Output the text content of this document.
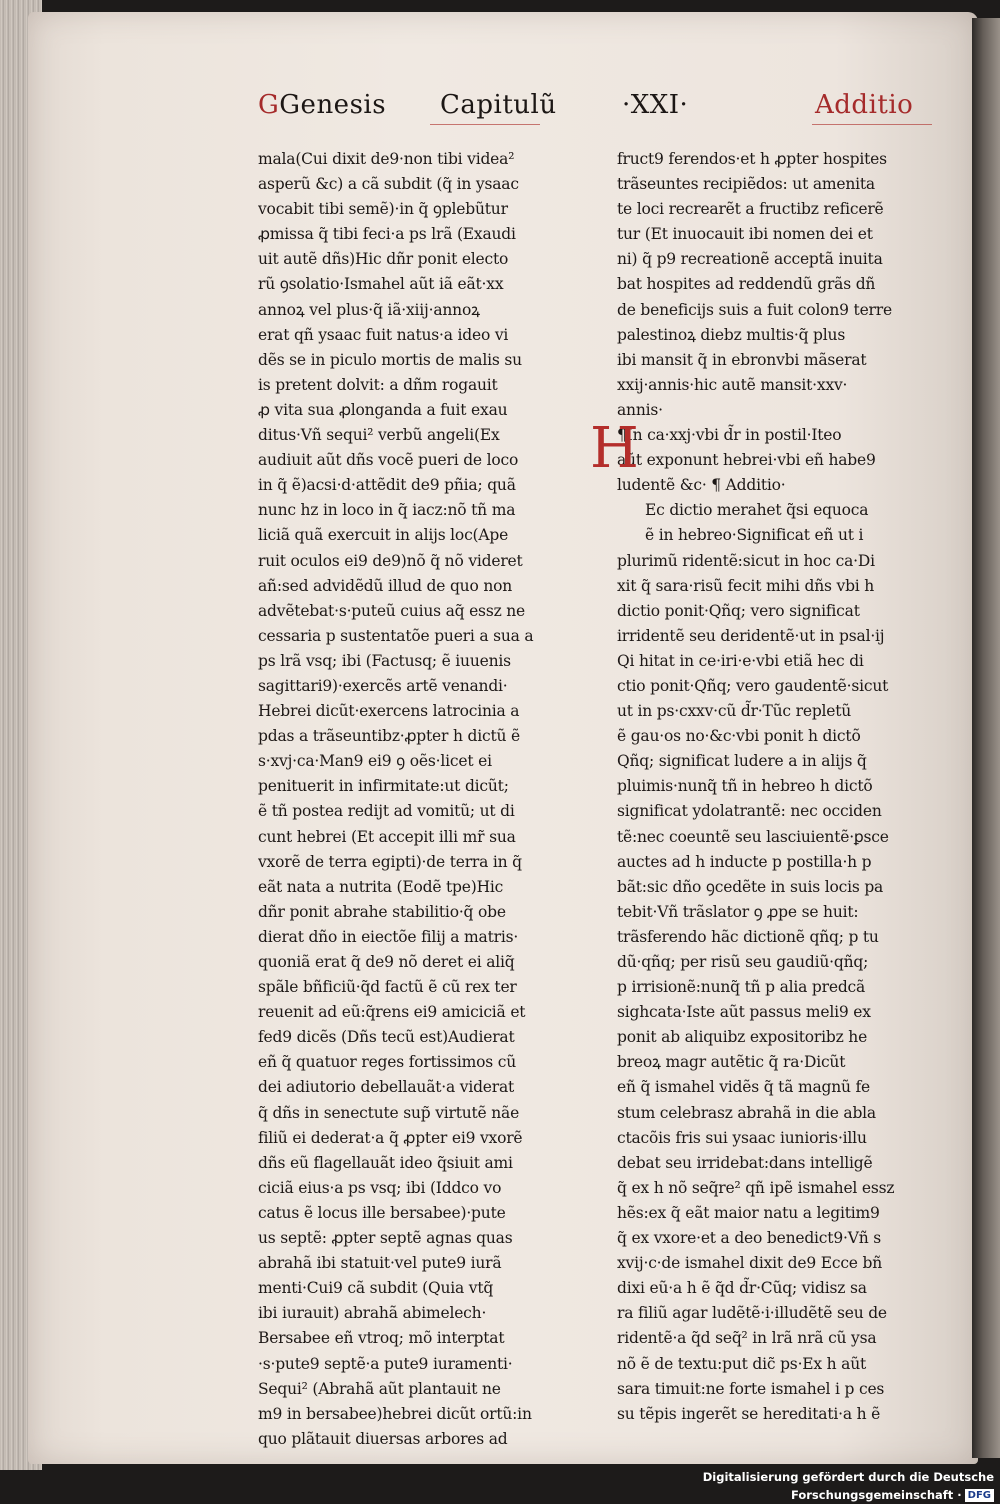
GGenesis Capitulũ	·XXI·	Additio
mala(Cui dixit de9·non tibi videa²
asperũ &c) a cã subdit (q̃ in ysaac
vocabit tibi semẽ)·in q̃ ꝯplebũtur
ꝓmissa q̃ tibi feci·a ps lrã (Exaudi
uit autẽ dñs)Hic dñr ponit electo
rũ ꝯsolatio·Ismahel aũt iã eãt·xx
annoꝝ vel plus·q̃ iã·xiij·annoꝝ
erat qñ ysaac fuit natus·a ideo vi
dẽs se in piculo mortis de malis su
is pretent dolvit: a dñm rogauit
ꝓ vita sua ꝓlonganda a fuit exau
ditus·Vñ sequi² verbũ angeli(Ex
audiuit aũt dñs vocẽ pueri de loco
in q̃ ẽ)acsi·d·attẽdit de9 pñia; quã
nunc hz in loco in q̃ iacz:nõ tñ ma
liciã quã exercuit in alijs loc(Ape
ruit oculos ei9 de9)nõ q̃ nõ videret
añ:sed advidẽdũ illud de quo non
advẽtebat·s·puteũ cuius aq̃ essz ne
cessaria p sustentatõe pueri a sua a
ps lrã vsq; ibi (Factusq; ẽ iuuenis
sagittari9)·exercẽs artẽ venandi·
Hebrei dicũt·exercens latrocinia a
pdas a trãseuntibz·ꝓpter h dictũ ẽ
s·xvj·ca·Man9 ei9 ꝯ oẽs·licet ei
penituerit in infirmitate:ut dicũt;
ẽ tñ postea redijt ad vomitũ; ut di
cunt hebrei (Et accepit illi mr̃ sua
vxorẽ de terra egipti)·de terra in q̃
eãt nata a nutrita (Eodẽ tpe)Hic
dñr ponit abrahe stabilitio·q̃ obe
dierat dño in eiectõe filij a matris·
quoniã erat q̃ de9 nõ deret ei aliq̃
spãle bñficiũ·q̃d factũ ẽ cũ rex ter
reuenit ad eũ:q̃rens ei9 amiciciã et
fed9 dicẽs (Dñs tecũ est)Audierat
eñ q̃ quatuor reges fortissimos cũ
dei adiutorio debellauãt·a viderat
q̃ dñs in senectute sup̃ virtutẽ nãe
filiũ ei dederat·a q̃ ꝓpter ei9 vxorẽ
dñs eũ flagellauãt ideo q̃siuit ami
ciciã eius·a ps vsq; ibi (Iddco vo
catus ẽ locus ille bersabee)·pute
us septẽ: ꝓpter septẽ agnas quas
abrahã ibi statuit·vel pute9 iurã
menti·Cui9 cã subdit (Quia vtq̃
ibi iurauit) abrahã abimelech·
Bersabee eñ vtroq; mõ interptat
·s·pute9 septẽ·a pute9 iuramenti·
Sequi² (Abrahã aũt plantauit ne
m9 in bersabee)hebrei dicũt ortũ:in
quo plãtauit diuersas arbores ad
fruct9 ferendos·et h ꝓpter hospites
trãseuntes recipiẽdos: ut amenita
te loci recrearẽt a fructibz reficerẽ
tur (Et inuocauit ibi nomen dei et
ni) q̃ p9 recreationẽ acceptã inuita
bat hospites ad reddendũ grãs dñ
de beneficijs suis a fuit colon9 terre
palestinoꝝ diebz multis·q̃ plus
ibi mansit q̃ in ebronvbi mãserat
xxij·annis·hic autẽ mansit·xxv·
annis·
¶In ca·xxj·vbi d̃r in postil·Iteo
aũt exponunt hebrei·vbi eñ habe9
ludentẽ &c· ¶ Additio·
Ec dictio merahet q̃si equoca
ẽ in hebreo·Significat eñ ut i
plurimũ ridentẽ:sicut in hoc ca·Di
xit q̃ sara·risũ fecit mihi dñs vbi h
dictio ponit·Qñq; vero significat
irridentẽ seu deridentẽ·ut in psal·ij
Qi hitat in ce·iri·e·vbi etiã hec di
ctio ponit·Qñq; vero gaudentẽ·sicut
ut in ps·cxxv·cũ d̃r·Tũc repletũ
ẽ gau·os no·&c·vbi ponit h dictõ
Qñq; significat ludere a in alijs q̃
pluimis·nunq̃ tñ in hebreo h dictõ
significat ydolatrantẽ: nec occiden
tẽ:nec coeuntẽ seu lasciuientẽ·ꝑsce
auctes ad h inducte p postilla·h p
bãt:sic dño ꝯcedẽte in suis locis pa
tebit·Vñ trãslator ꝯ ꝓpe se huit:
trãsferendo hãc dictionẽ qñq; p tu
dũ·qñq; per risũ seu gaudiũ·qñq;
p irrisionẽ:nunq̃ tñ p alia predcã
sighcata·Iste aũt passus meli9 ex
ponit ab aliquibz expositoribz he
breoꝝ magr autẽtic q̃ ra·Dicũt
eñ q̃ ismahel vidẽs q̃ tã magnũ fe
stum celebrasz abrahã in die abla
ctacõis fris sui ysaac iunioris·illu
debat seu irridebat:dans intelligẽ
q̃ ex h nõ seq̃re² qñ ipẽ ismahel essz
hẽs:ex q̃ eãt maior natu a legitim9
q̃ ex vxore·et a deo benedict9·Vñ s
xvij·c·de ismahel dixit de9 Ecce bñ
dixi eũ·a h ẽ q̃d d̃r·Cũq; vidisz sa
ra filiũ agar ludẽtẽ·i·illudẽtẽ seu de
ridentẽ·a q̃d seq̃² in lrã nrã cũ ysa
nõ ẽ de textu:put dic̃ ps·Ex h aũt
sara timuit:ne forte ismahel i p ces
su tẽpis ingerẽt se hereditati·a h ẽ
H
Digitalisierung gefördert durch die Deutsche Forschungsgemeinschaft · DFG
